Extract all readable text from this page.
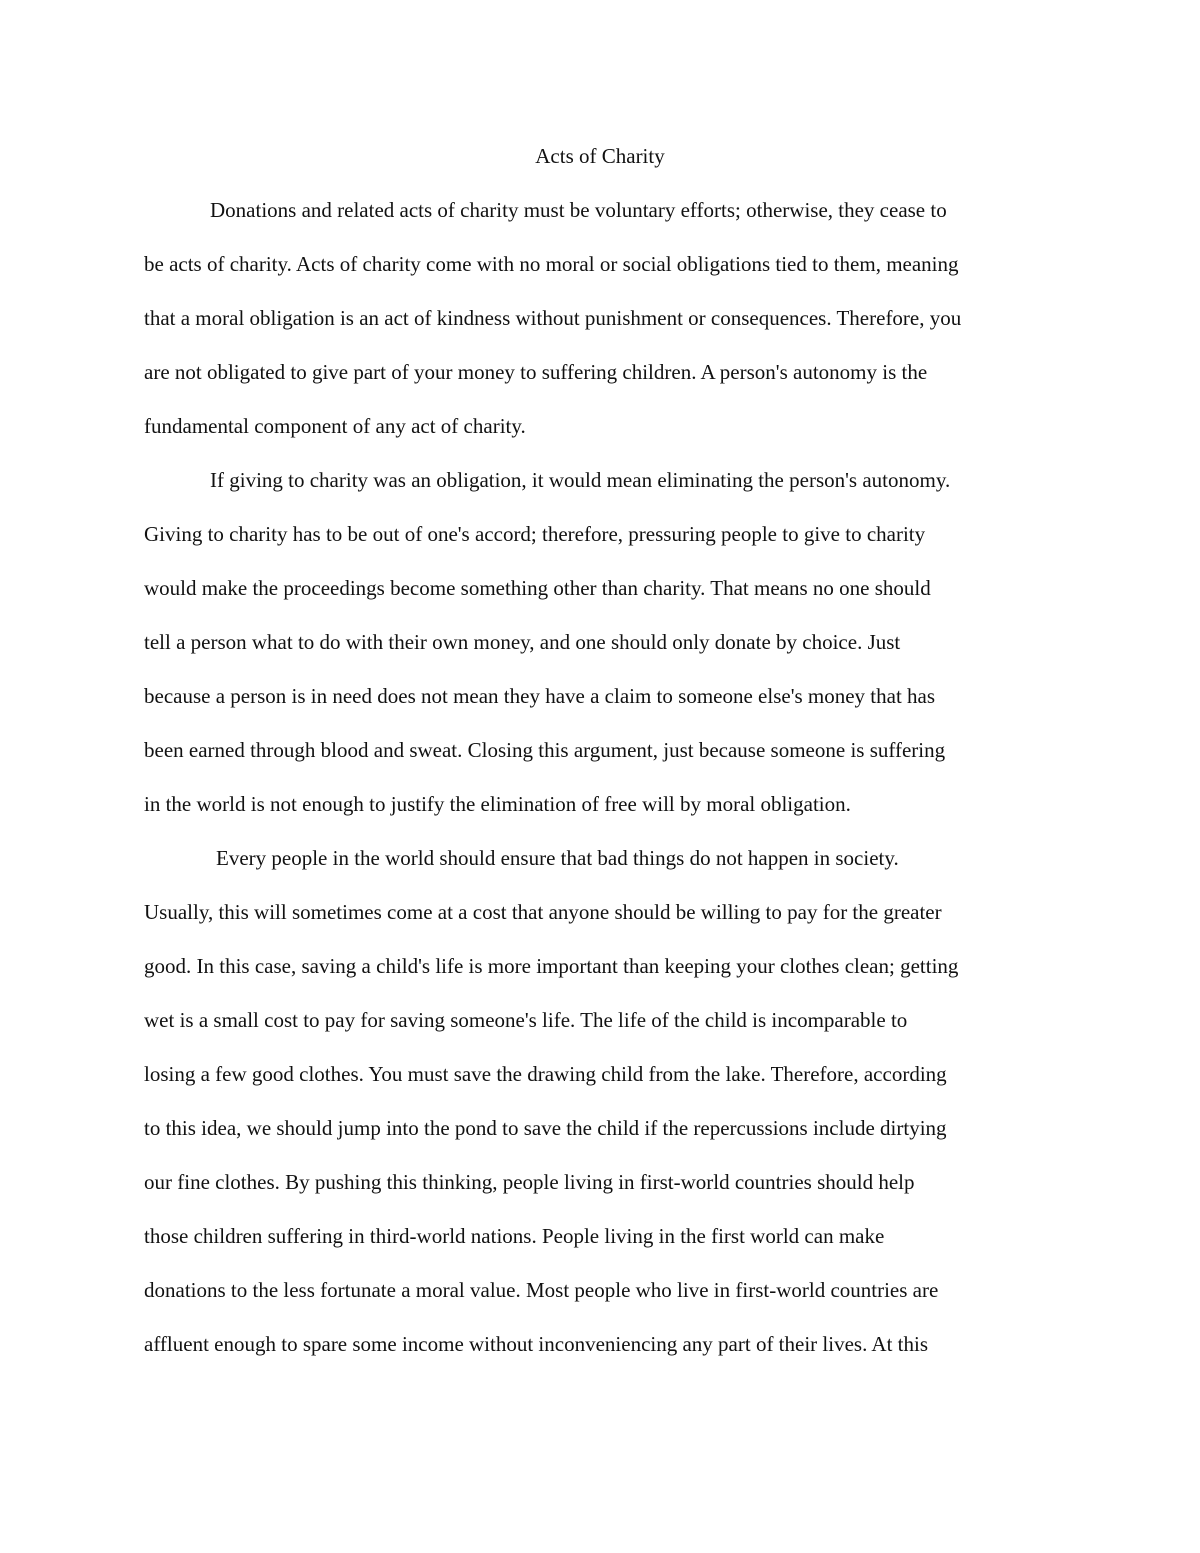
Acts of Charity

Donations and related acts of charity must be voluntary efforts; otherwise, they cease to

be acts of charity. Acts of charity come with no moral or social obligations tied to them, meaning

that a moral obligation is an act of kindness without punishment or consequences. Therefore, you

are not obligated to give part of your money to suffering children. A person's autonomy is the

fundamental component of any act of charity.

If giving to charity was an obligation, it would mean eliminating the person's autonomy.

Giving to charity has to be out of one's accord; therefore, pressuring people to give to charity

would make the proceedings become something other than charity. That means no one should

tell a person what to do with their own money, and one should only donate by choice. Just

because a person is in need does not mean they have a claim to someone else's money that has

been earned through blood and sweat. Closing this argument, just because someone is suffering

in the world is not enough to justify the elimination of free will by moral obligation.

Every people in the world should ensure that bad things do not happen in society.

Usually, this will sometimes come at a cost that anyone should be willing to pay for the greater

good. In this case, saving a child's life is more important than keeping your clothes clean; getting

wet is a small cost to pay for saving someone's life. The life of the child is incomparable to

losing a few good clothes. You must save the drawing child from the lake. Therefore, according

to this idea, we should jump into the pond to save the child if the repercussions include dirtying

our fine clothes. By pushing this thinking, people living in first-world countries should help

those children suffering in third-world nations. People living in the first world can make

donations to the less fortunate a moral value. Most people who live in first-world countries are

affluent enough to spare some income without inconveniencing any part of their lives. At this
